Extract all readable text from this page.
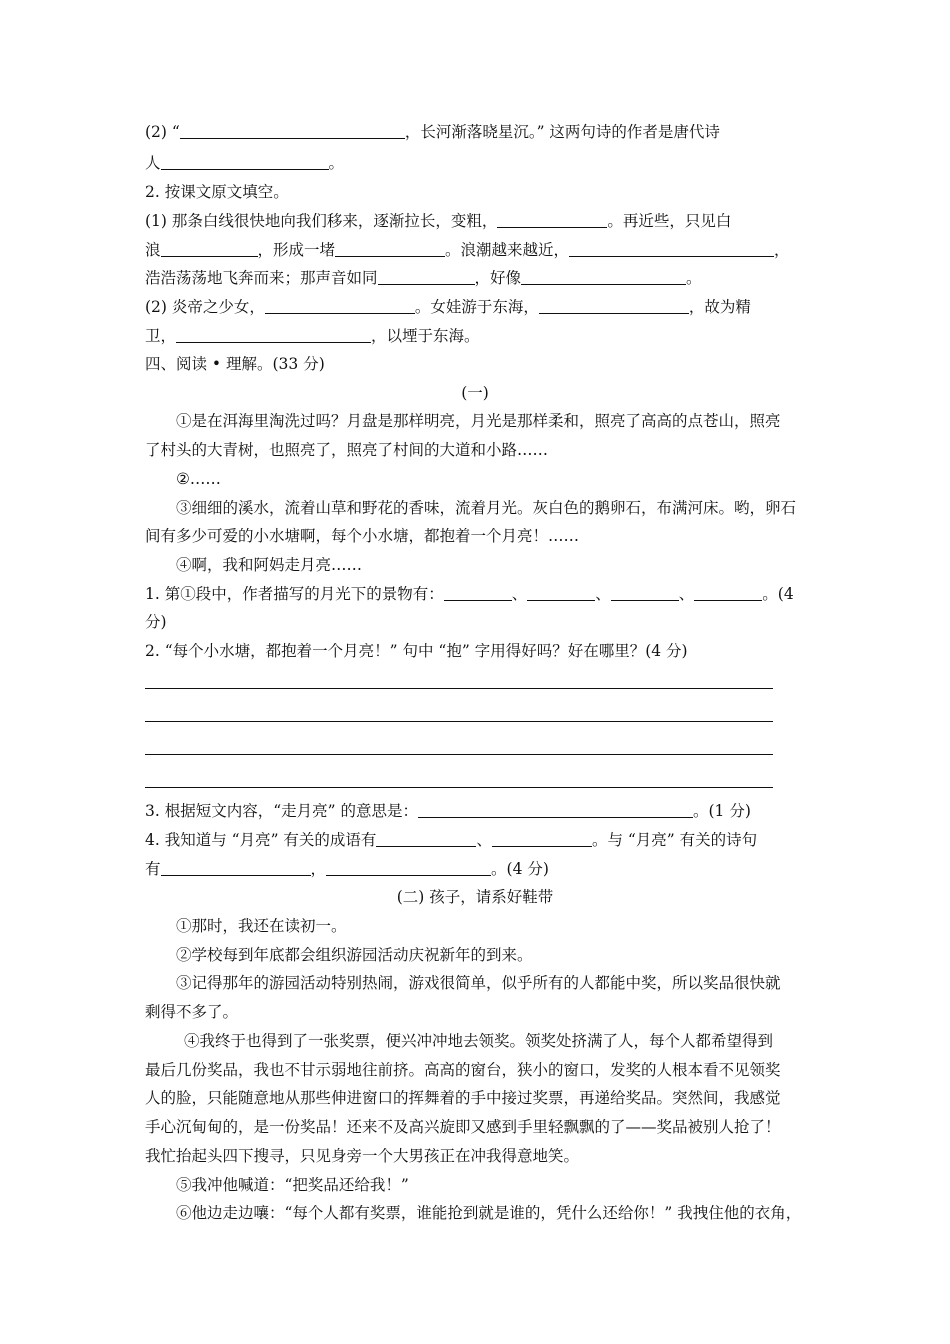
(2) “	，长河渐落晓星沉。” 这两句诗的作者是唐代诗
人	。
2. 按课文原文填空。
(1) 那条白线很快地向我们移来，逐渐拉长，变粗，	。再近些，只见白
浪	，形成一堵	。浪潮越来越近，	，
浩浩荡荡地飞奔而来；那声音如同	，好像	。
(2) 炎帝之少女，	。女娃游于东海，	，故为精
卫，	，以堙于东海。
四、阅读 • 理解。(33 分)
(一)
①是在洱海里淘洗过吗？月盘是那样明亮，月光是那样柔和，照亮了高高的点苍山，照亮
了村头的大青树，也照亮了，照亮了村间的大道和小路……
②……
③细细的溪水，流着山草和野花的香味，流着月光。灰白色的鹅卵石，布满河床。哟，卵石
间有多少可爱的小水塘啊，每个小水塘，都抱着一个月亮！……
④啊，我和阿妈走月亮……
1. 第①段中，作者描写的月光下的景物有：	、	、	、	。(4
分)
2. “每个小水塘，都抱着一个月亮！” 句中 “抱” 字用得好吗？好在哪里？(4 分)
3. 根据短文内容，“走月亮” 的意思是：	。(1 分)
4. 我知道与 “月亮” 有关的成语有	、	。与 “月亮” 有关的诗句
有	，	。(4 分)
(二) 孩子，请系好鞋带
①那时，我还在读初一。
②学校每到年底都会组织游园活动庆祝新年的到来。
③记得那年的游园活动特别热闹，游戏很简单，似乎所有的人都能中奖，所以奖品很快就
剩得不多了。
④我终于也得到了一张奖票，便兴冲冲地去领奖。领奖处挤满了人，每个人都希望得到
最后几份奖品，我也不甘示弱地往前挤。高高的窗台，狭小的窗口，发奖的人根本看不见领奖
人的脸，只能随意地从那些伸进窗口的挥舞着的手中接过奖票，再递给奖品。突然间，我感觉
手心沉甸甸的，是一份奖品！还来不及高兴旋即又感到手里轻飘飘的了——奖品被别人抢了！
我忙抬起头四下搜寻，只见身旁一个大男孩正在冲我得意地笑。
⑤我冲他喊道：“把奖品还给我！”
⑥他边走边嚷：“每个人都有奖票，谁能抢到就是谁的，凭什么还给你！” 我拽住他的衣角，
